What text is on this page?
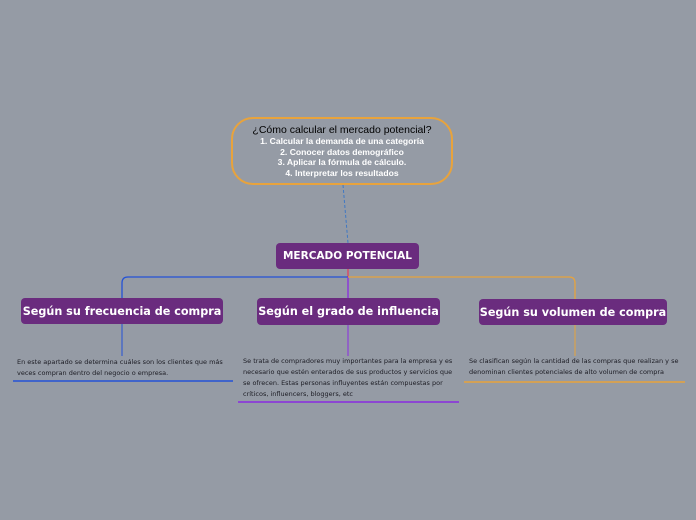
¿Cómo calcular el mercado potencial?
1. Calcular la demanda de una categoría
2. Conocer datos demográfico
3. Aplicar la fórmula de cálculo.
4. Interpretar los resultados
MERCADO POTENCIAL
Según su frecuencia de compra	Según el grado de influencia	Según su volumen de compra
En este apartado se determina cuáles son los clientes que más veces compran dentro del negocio o empresa.
Se trata de compradores muy importantes para la empresa y es necesario que estén enterados de sus productos y servicios que se ofrecen. Estas personas influyentes están compuestas por críticos, influencers, bloggers, etc
Se clasifican según la cantidad de las compras que realizan y se denominan clientes potenciales de alto volumen de compra
